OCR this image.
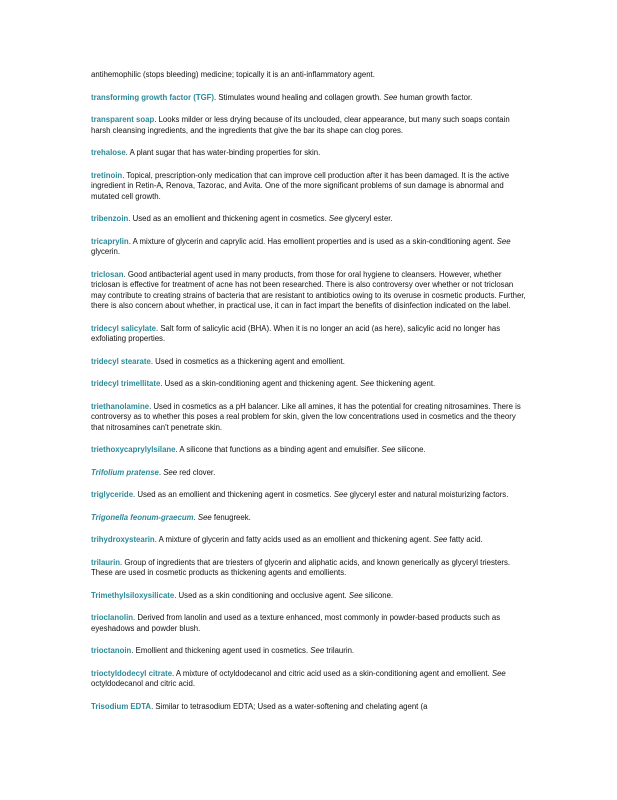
antihemophilic (stops bleeding) medicine; topically it is an anti-inflammatory agent.

transforming growth factor (TGF). Stimulates wound healing and collagen growth. See human growth factor.

transparent soap. Looks milder or less drying because of its unclouded, clear appearance, but many such soaps contain harsh cleansing ingredients, and the ingredients that give the bar its shape can clog pores.

trehalose. A plant sugar that has water-binding properties for skin.

tretinoin. Topical, prescription-only medication that can improve cell production after it has been damaged. It is the active ingredient in Retin-A, Renova, Tazorac, and Avita. One of the more significant problems of sun damage is abnormal and mutated cell growth.

tribenzoin. Used as an emollient and thickening agent in cosmetics. See glyceryl ester.

tricaprylin. A mixture of glycerin and caprylic acid. Has emollient properties and is used as a skin-conditioning agent. See glycerin.

triclosan. Good antibacterial agent used in many products, from those for oral hygiene to cleansers. However, whether triclosan is effective for treatment of acne has not been researched. There is also controversy over whether or not triclosan may contribute to creating strains of bacteria that are resistant to antibiotics owing to its overuse in cosmetic products. Further, there is also concern about whether, in practical use, it can in fact impart the benefits of disinfection indicated on the label.

tridecyl salicylate. Salt form of salicylic acid (BHA). When it is no longer an acid (as here), salicylic acid no longer has exfoliating properties.

tridecyl stearate. Used in cosmetics as a thickening agent and emollient.

tridecyl trimellitate. Used as a skin-conditioning agent and thickening agent. See thickening agent.

triethanolamine. Used in cosmetics as a pH balancer. Like all amines, it has the potential for creating nitrosamines. There is controversy as to whether this poses a real problem for skin, given the low concentrations used in cosmetics and the theory that nitrosamines can't penetrate skin.

triethoxycaprylylsilane. A silicone that functions as a binding agent and emulsifier. See silicone.

Trifolium pratense. See red clover.

triglyceride. Used as an emollient and thickening agent in cosmetics. See glyceryl ester and natural moisturizing factors.

Trigonella feonum-graecum. See fenugreek.

trihydroxystearin. A mixture of glycerin and fatty acids used as an emollient and thickening agent. See fatty acid.

trilaurin. Group of ingredients that are triesters of glycerin and aliphatic acids, and known generically as glyceryl triesters. These are used in cosmetic products as thickening agents and emollients.

Trimethylsiloxysilicate. Used as a skin conditioning and occlusive agent. See silicone.

trioclanolin. Derived from lanolin and used as a texture enhanced, most commonly in powder-based products such as eyeshadows and powder blush.

trioctanoin. Emollient and thickening agent used in cosmetics. See trilaurin.

trioctyldodecyl citrate. A mixture of octyldodecanol and citric acid used as a skin-conditioning agent and emollient. See octyldodecanol and citric acid.

Trisodium EDTA. Similar to tetrasodium EDTA; Used as a water-softening and chelating agent (a
